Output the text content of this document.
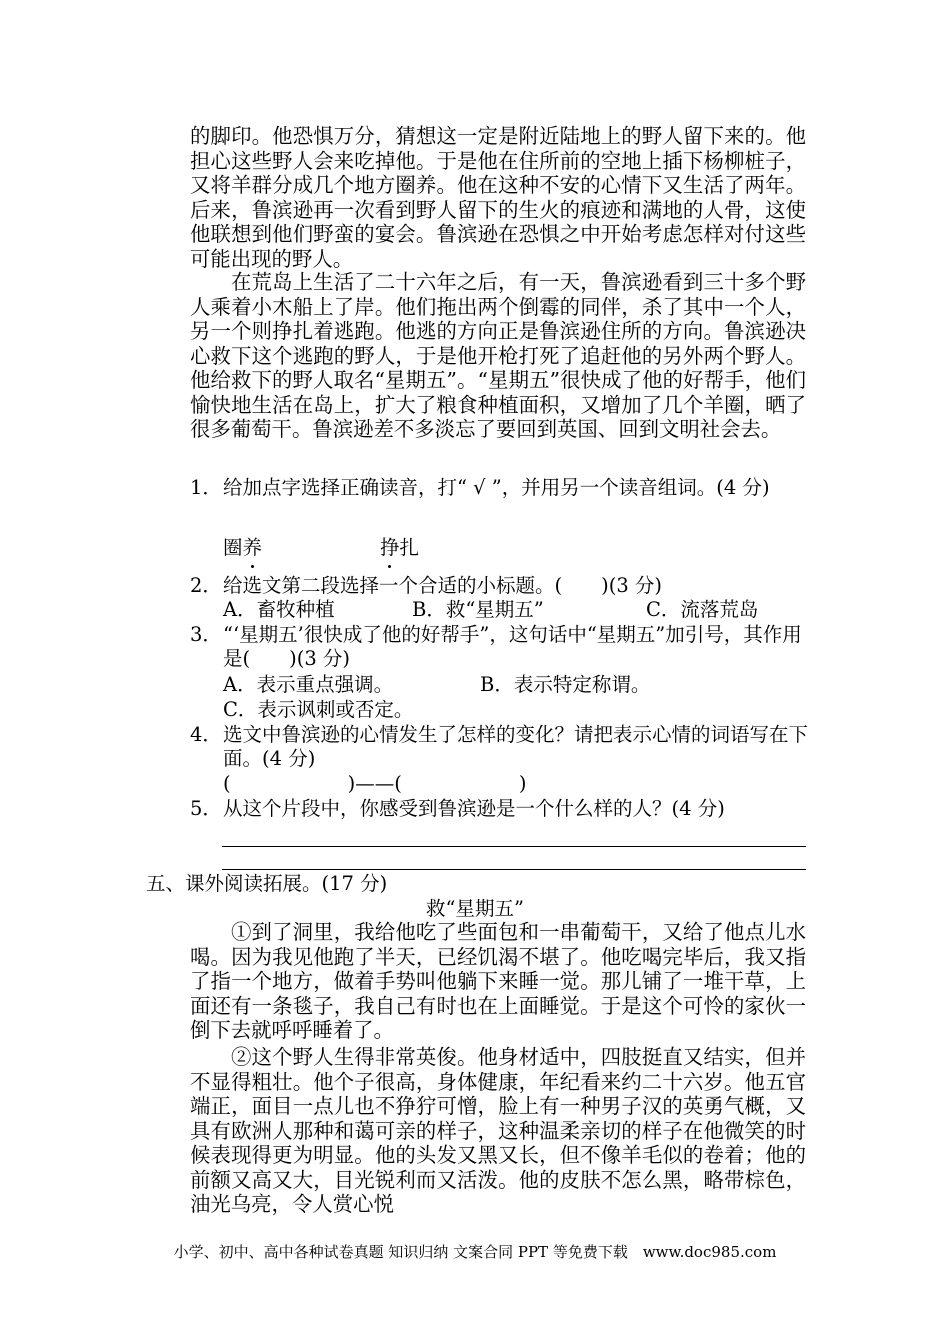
的脚印。他恐惧万分，猜想这一定是附近陆地上的野人留下来的。他担心这些野人会来吃掉他。于是他在住所前的空地上插下杨柳桩子，又将羊群分成几个地方圈养。他在这种不安的心情下又生活了两年。后来，鲁滨逊再一次看到野人留下的生火的痕迹和满地的人骨，这使他联想到他们野蛮的宴会。鲁滨逊在恐惧之中开始考虑怎样对付这些可能出现的野人。

在荒岛上生活了二十六年之后，有一天，鲁滨逊看到三十多个野人乘着小木船上了岸。他们拖出两个倒霉的同伴，杀了其中一个人，另一个则挣扎着逃跑。他逃的方向正是鲁滨逊住所的方向。鲁滨逊决心救下这个逃跑的野人，于是他开枪打死了追赶他的另外两个野人。他给救下的野人取名“星期五”。“星期五”很快成了他的好帮手，他们愉快地生活在岛上，扩大了粮食种植面积，又增加了几个羊圈，晒了很多葡萄干。鲁滨逊差不多淡忘了要回到英国、回到文明社会去。

1． 给加点字选择正确读音，打“ √ ”，并用另一个读音组词。(4 分)
圈养	挣扎
2． 给选文第二段选择一个合适的小标题。(　　)(3 分)
A．畜牧种植	B．救“星期五”	C．流落荒岛
3． “‘星期五’很快成了他的好帮手”，这句话中“星期五”加引号，其作用是(　　)(3 分)
A．表示重点强调。	B．表示特定称谓。
C．表示讽刺或否定。
4． 选文中鲁滨逊的心情发生了怎样的变化？请把表示心情的词语写在下面。(4 分)
(　　　　　　)——(　　　　　　)
5． 从这个片段中，你感受到鲁滨逊是一个什么样的人？(4 分)
五、课外阅读拓展。(17 分)
救“星期五”

①到了洞里，我给他吃了些面包和一串葡萄干，又给了他点儿水喝。因为我见他跑了半天，已经饥渴不堪了。他吃喝完毕后，我又指了指一个地方，做着手势叫他躺下来睡一觉。那儿铺了一堆干草，上面还有一条毯子，我自己有时也在上面睡觉。于是这个可怜的家伙一倒下去就呼呼睡着了。

②这个野人生得非常英俊。他身材适中，四肢挺直又结实，但并不显得粗壮。他个子很高，身体健康，年纪看来约二十六岁。他五官端正，面目一点儿也不狰狞可憎，脸上有一种男子汉的英勇气概，又具有欧洲人那种和蔼可亲的样子，这种温柔亲切的样子在他微笑的时候表现得更为明显。他的头发又黑又长，但不像羊毛似的卷着；他的前额又高又大，目光锐利而又活泼。他的皮肤不怎么黑，略带棕色，油光乌亮，令人赏心悦

小学、初中、高中各种试卷真题 知识归纳 文案合同 PPT 等免费下载　www.doc985.com
